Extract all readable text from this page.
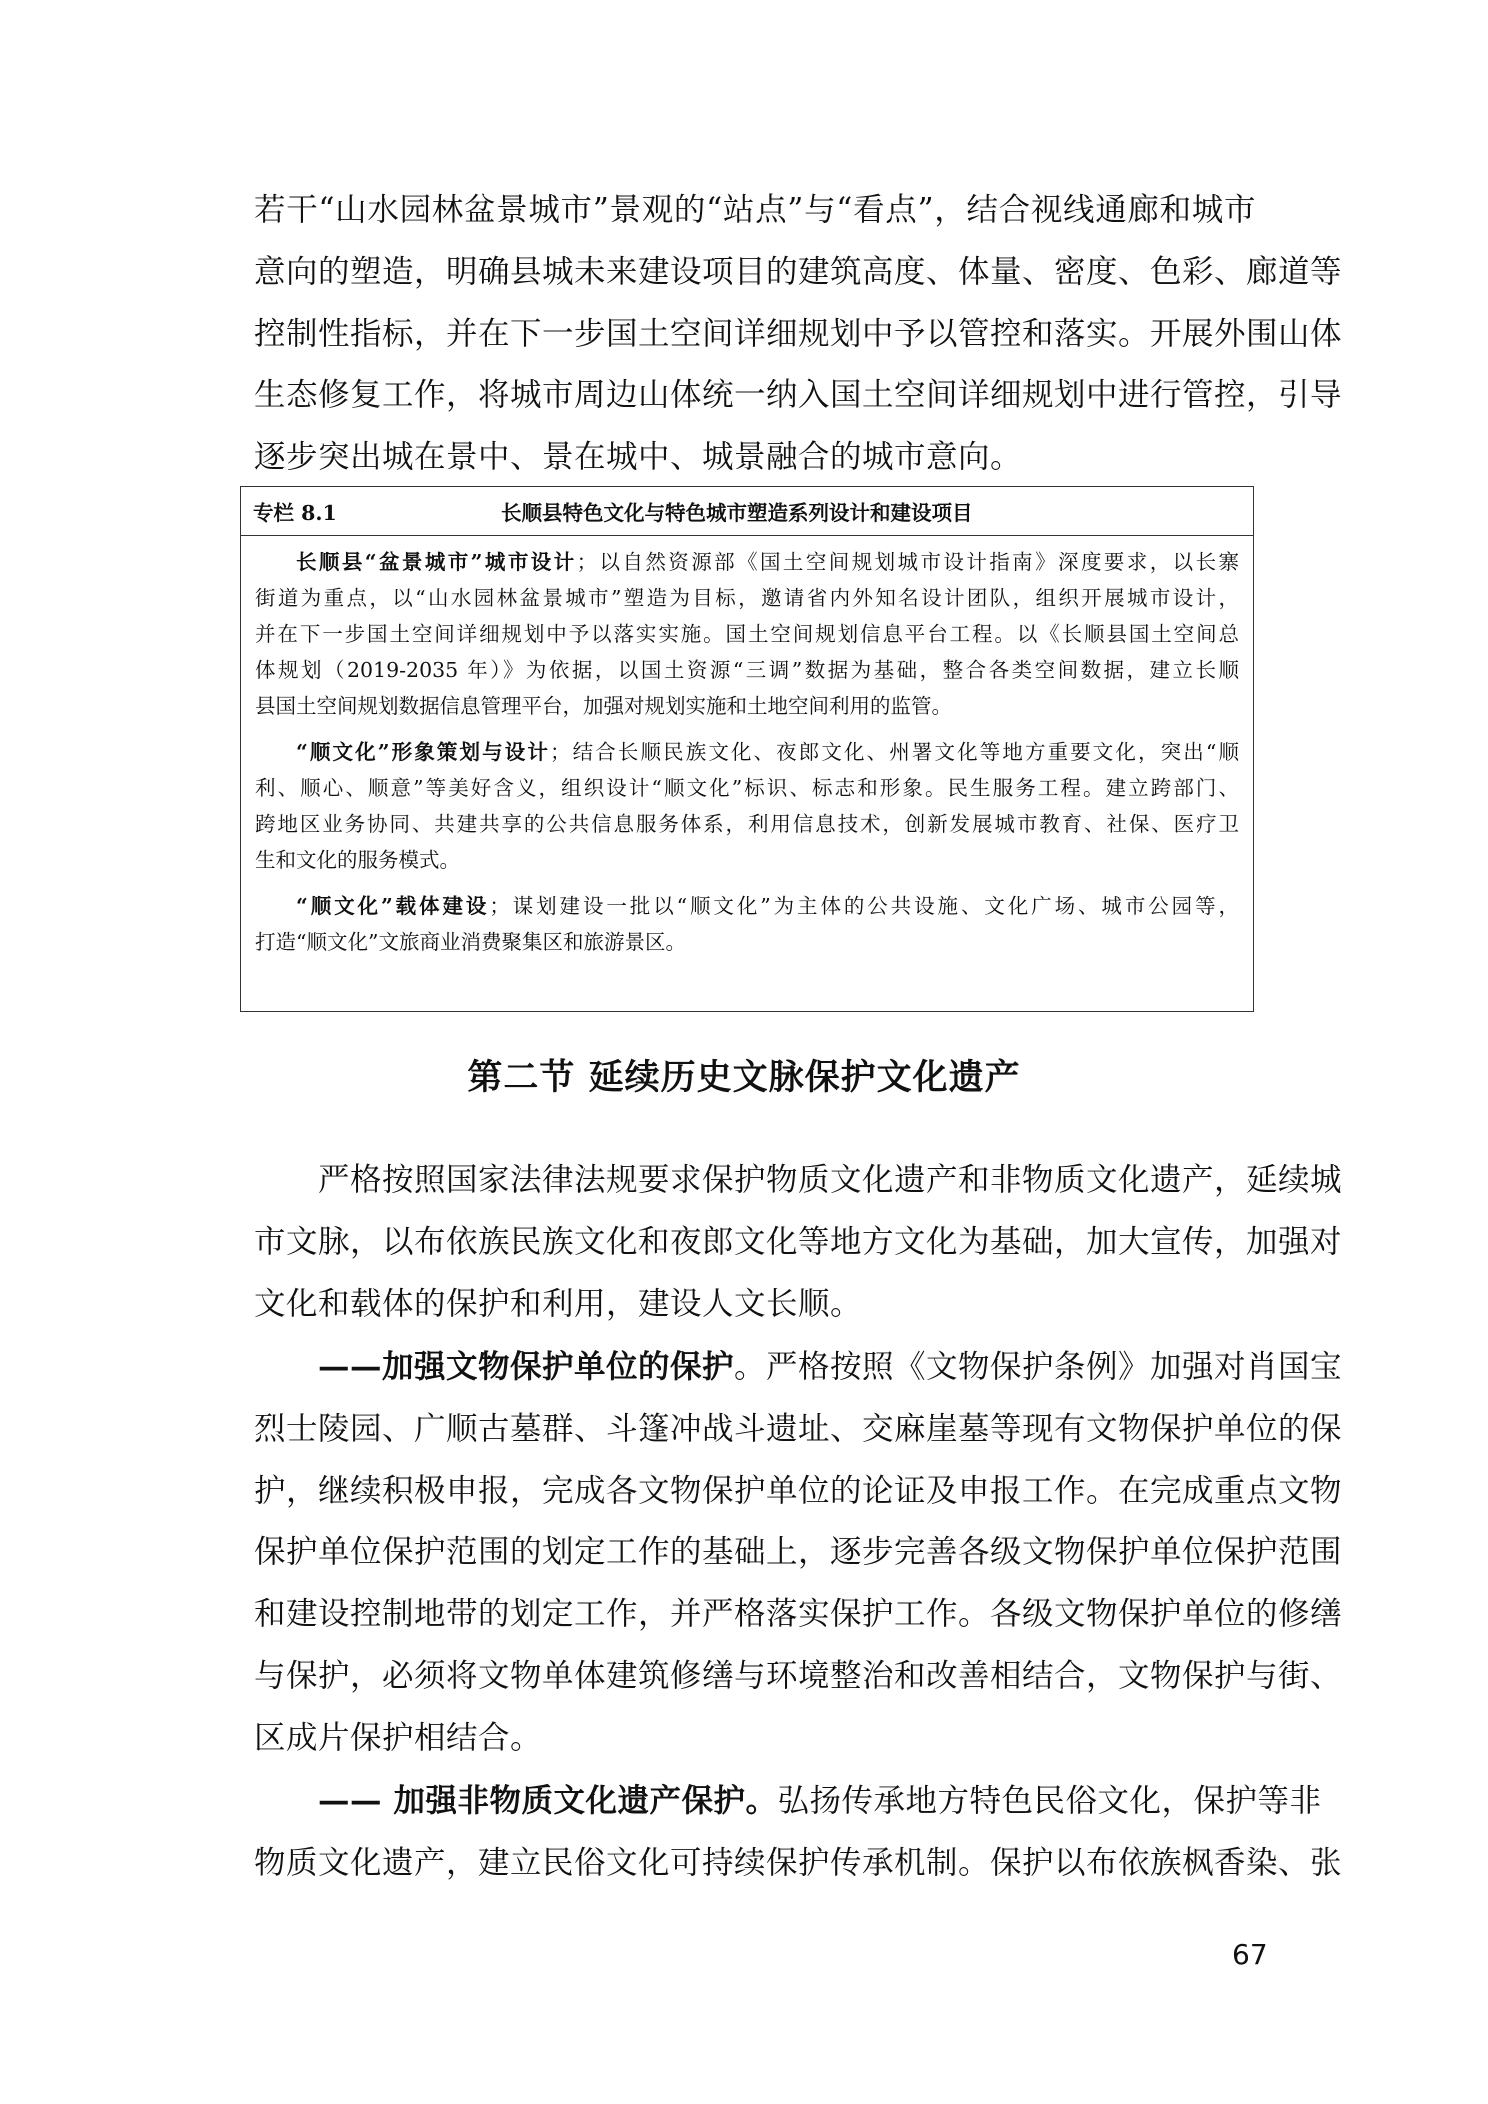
若干“山水园林盆景城市”景观的“站点”与“看点”，结合视线通廊和城市
意向的塑造，明确县城未来建设项目的建筑高度、体量、密度、色彩、廊道等
控制性指标，并在下一步国土空间详细规划中予以管控和落实。开展外围山体
生态修复工作，将城市周边山体统一纳入国土空间详细规划中进行管控，引导
逐步突出城在景中、景在城中、城景融合的城市意向。
专栏 8.1	长顺县特色文化与特色城市塑造系列设计和建设项目

长顺县“盆景城市”城市设计；以自然资源部《国土空间规划城市设计指南》深度要求，以长寨
街道为重点，以“山水园林盆景城市”塑造为目标，邀请省内外知名设计团队，组织开展城市设计，
并在下一步国土空间详细规划中予以落实实施。国土空间规划信息平台工程。以《长顺县国土空间总
体规划（2019-2035 年）》为依据，以国土资源“三调”数据为基础，整合各类空间数据，建立长顺
县国土空间规划数据信息管理平台，加强对规划实施和土地空间利用的监管。

“顺文化”形象策划与设计；结合长顺民族文化、夜郎文化、州署文化等地方重要文化，突出“顺
利、顺心、顺意”等美好含义，组织设计“顺文化”标识、标志和形象。民生服务工程。建立跨部门、
跨地区业务协同、共建共享的公共信息服务体系，利用信息技术，创新发展城市教育、社保、医疗卫
生和文化的服务模式。

“顺文化”载体建设；谋划建设一批以“顺文化”为主体的公共设施、文化广场、城市公园等，
打造“顺文化”文旅商业消费聚集区和旅游景区。

第二节 延续历史文脉保护文化遗产
严格按照国家法律法规要求保护物质文化遗产和非物质文化遗产，延续城
市文脉，以布依族民族文化和夜郎文化等地方文化为基础，加大宣传，加强对
文化和载体的保护和利用，建设人文长顺。
——加强文物保护单位的保护。严格按照《文物保护条例》加强对肖国宝
烈士陵园、广顺古墓群、斗篷冲战斗遗址、交麻崖墓等现有文物保护单位的保
护，继续积极申报，完成各文物保护单位的论证及申报工作。在完成重点文物
保护单位保护范围的划定工作的基础上，逐步完善各级文物保护单位保护范围
和建设控制地带的划定工作，并严格落实保护工作。各级文物保护单位的修缮
与保护，必须将文物单体建筑修缮与环境整治和改善相结合，文物保护与街、
区成片保护相结合。
—— 加强非物质文化遗产保护。弘扬传承地方特色民俗文化，保护等非
物质文化遗产，建立民俗文化可持续保护传承机制。保护以布依族枫香染、张
67
